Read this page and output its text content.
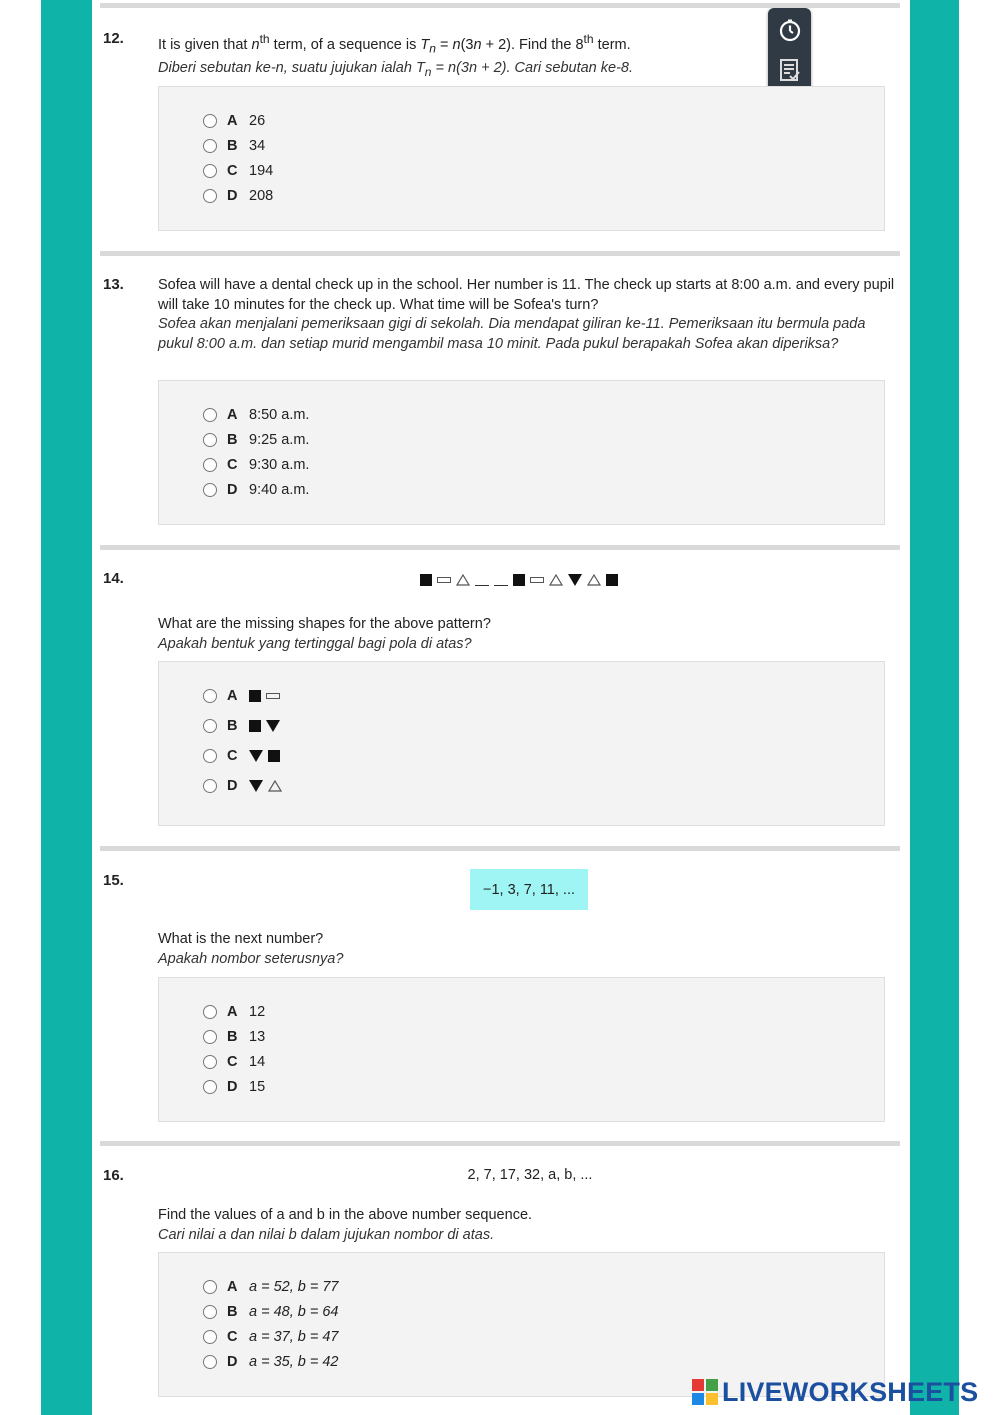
12. It is given that $n^{th}$ term, of a sequence is $T_n = n(3n + 2)$. Find the 8th term.
Diberi sebutan ke-n, suatu jujukan ialah $T_n = n(3n + 2)$. Cari sebutan ke-8.
A 26
B 34
C 194
D 208
13. Sofea will have a dental check up in the school. Her number is 11. The check up starts at 8:00 a.m. and every pupil will take 10 minutes for the check up. What time will be Sofea's turn?
Sofea akan menjalani pemeriksaan gigi di sekolah. Dia mendapat giliran ke-11. Pemeriksaan itu bermula pada pukul 8:00 a.m. dan setiap murid mengambil masa 10 minit. Pada pukul berapakah Sofea akan diperiksa?
A 8:50 a.m.
B 9:25 a.m.
C 9:30 a.m.
D 9:40 a.m.
14.
What are the missing shapes for the above pattern?
Apakah bentuk yang tertinggal bagi pola di atas?
A
B
C
D
15.
−1, 3, 7, 11, ...
What is the next number?
Apakah nombor seterusnya?
A 12
B 13
C 14
D 15
16.	2, 7, 17, 32, a, b, ...
Find the values of a and b in the above number sequence.
Cari nilai a dan nilai b dalam jujukan nombor di atas.
A a = 52, b = 77
B a = 48, b = 64
C a = 37, b = 47
D a = 35, b = 42
LIVEWORKSHEETS
